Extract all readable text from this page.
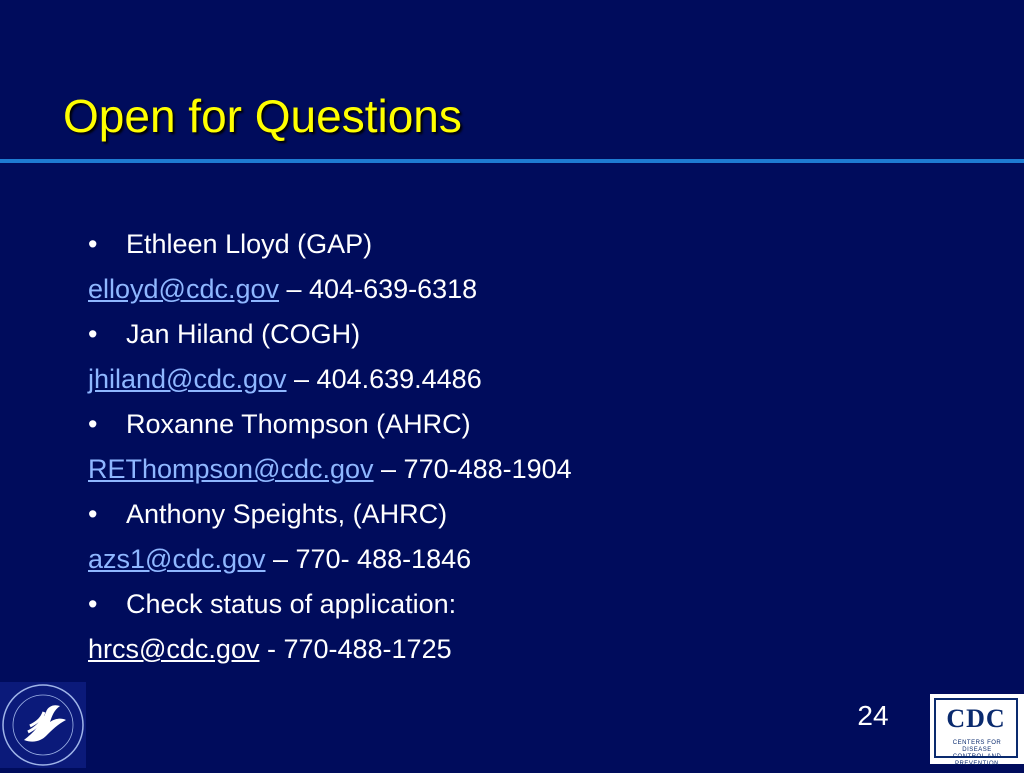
Open for Questions
• Ethleen Lloyd (GAP)
elloyd@cdc.gov – 404-639-6318
• Jan Hiland (COGH)
jhiland@cdc.gov – 404.639.4486
• Roxanne Thompson (AHRC)
REThompson@cdc.gov – 770-488-1904
• Anthony Speights, (AHRC)
azs1@cdc.gov – 770- 488-1846
• Check status of application:
hrcs@cdc.gov - 770-488-1725
24	CDC
CENTERS FOR DISEASE
CONTROL AND PREVENTION
